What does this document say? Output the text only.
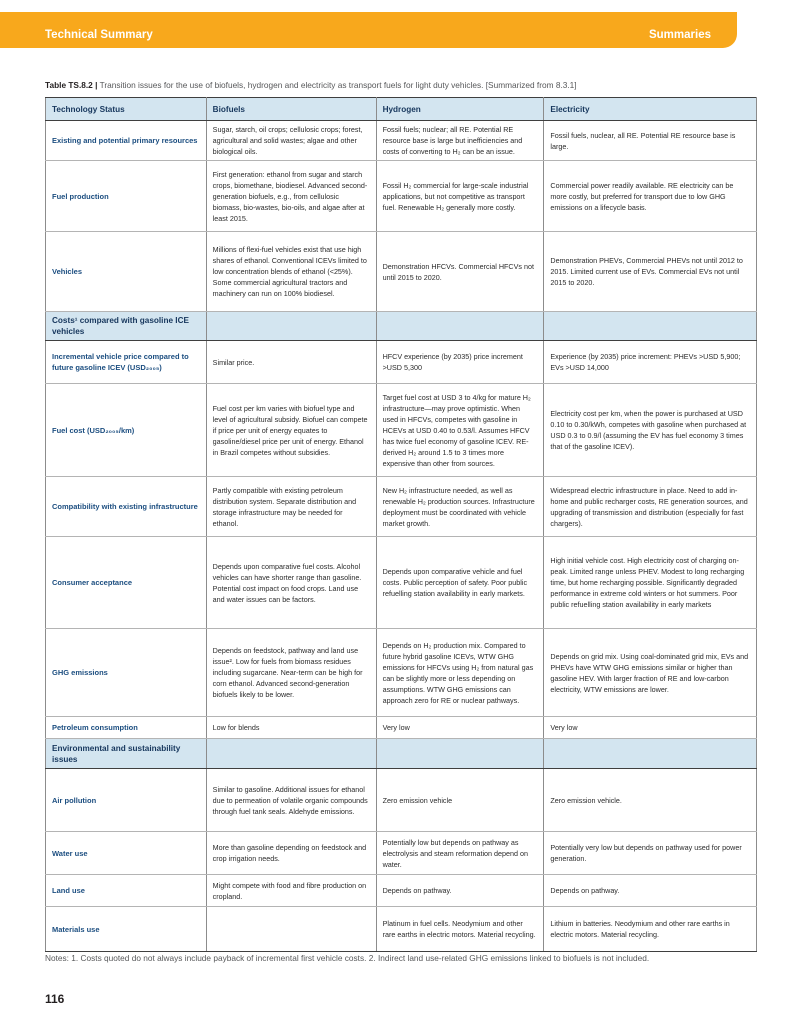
Technical Summary	Summaries
Table TS.8.2 | Transition issues for the use of biofuels, hydrogen and electricity as transport fuels for light duty vehicles. [Summarized from 8.3.1]
Technology Status	Biofuels	Hydrogen	Electricity
Existing and potential primary resources	Sugar, starch, oil crops; cellulosic crops; forest, agricultural and solid wastes; algae and other biological oils.	Fossil fuels; nuclear; all RE. Potential RE resource base is large but inefficiencies and costs of converting to H₂ can be an issue.	Fossil fuels, nuclear, all RE. Potential RE resource base is large.
Fuel production	First generation: ethanol from sugar and starch crops, biomethane, biodiesel. Advanced second-generation biofuels, e.g., from cellulosic biomass, bio-wastes, bio-oils, and algae after at least 2015.	Fossil H₂ commercial for large-scale industrial applications, but not competitive as transport fuel. Renewable H₂ generally more costly.	Commercial power readily available. RE electricity can be more costly, but preferred for transport due to low GHG emissions on a lifecycle basis.
Vehicles	Millions of flexi-fuel vehicles exist that use high shares of ethanol. Conventional ICEVs limited to low concentration blends of ethanol (<25%). Some commercial agricultural tractors and machinery can run on 100% biodiesel.	Demonstration HFCVs. Commercial HFCVs not until 2015 to 2020.	Demonstration PHEVs, Commercial PHEVs not until 2012 to 2015. Limited current use of EVs. Commercial EVs not until 2015 to 2020.
Costs¹ compared with gasoline ICE vehicles			
Incremental vehicle price compared to future gasoline ICEV (USD₂₀₀₅)	Similar price.	HFCV experience (by 2035) price increment >USD 5,300	Experience (by 2035) price increment: PHEVs >USD 5,900; EVs >USD 14,000
Fuel cost (USD₂₀₀₅/km)	Fuel cost per km varies with biofuel type and level of agricultural subsidy. Biofuel can compete if price per unit of energy equates to gasoline/diesel price per unit of energy. Ethanol in Brazil competes without subsidies.	Target fuel cost at USD 3 to 4/kg for mature H₂ infrastructure—may prove optimistic. When used in HFCVs, competes with gasoline in HCEVs at USD 0.40 to 0.53/l. Assumes HFCV has twice fuel economy of gasoline ICEV. RE-derived H₂ around 1.5 to 3 times more expensive than other from sources.	Electricity cost per km, when the power is purchased at USD 0.10 to 0.30/kWh, competes with gasoline when purchased at USD 0.3 to 0.9/l (assuming the EV has fuel economy 3 times that of the gasoline ICEV).
Compatibility with existing infrastructure	Partly compatible with existing petroleum distribution system. Separate distribution and storage infrastructure may be needed for ethanol.	New H₂ infrastructure needed, as well as renewable H₂ production sources. Infrastructure deployment must be coordinated with vehicle market growth.	Widespread electric infrastructure in place. Need to add in-home and public recharger costs, RE generation sources, and upgrading of transmission and distribution (especially for fast chargers).
Consumer acceptance	Depends upon comparative fuel costs. Alcohol vehicles can have shorter range than gasoline. Potential cost impact on food crops. Land use and water issues can be factors.	Depends upon comparative vehicle and fuel costs. Public perception of safety. Poor public refuelling station availability in early markets.	High initial vehicle cost. High electricity cost of charging on-peak. Limited range unless PHEV. Modest to long recharging time, but home recharging possible. Significantly degraded performance in extreme cold winters or hot summers. Poor public refuelling station availability in early markets
GHG emissions	Depends on feedstock, pathway and land use issue². Low for fuels from biomass residues including sugarcane. Near-term can be high for corn ethanol. Advanced second-generation biofuels likely to be lower.	Depends on H₂ production mix. Compared to future hybrid gasoline ICEVs, WTW GHG emissions for HFCVs using H₂ from natural gas can be slightly more or less depending on assumptions. WTW GHG emissions can approach zero for RE or nuclear pathways.	Depends on grid mix. Using coal-dominated grid mix, EVs and PHEVs have WTW GHG emissions similar or higher than gasoline HEV. With larger fraction of RE and low-carbon electricity, WTW emissions are lower.
Petroleum consumption	Low for blends	Very low	Very low
Environmental and sustainability issues			
Air pollution	Similar to gasoline. Additional issues for ethanol due to permeation of volatile organic compounds through fuel tank seals. Aldehyde emissions.	Zero emission vehicle	Zero emission vehicle.
Water use	More than gasoline depending on feedstock and crop irrigation needs.	Potentially low but depends on pathway as electrolysis and steam reformation depend on water.	Potentially very low but depends on pathway used for power generation.
Land use	Might compete with food and fibre production on cropland.	Depends on pathway.	Depends on pathway.
Materials use		Platinum in fuel cells. Neodymium and other rare earths in electric motors. Material recycling.	Lithium in batteries. Neodymium and other rare earths in electric motors. Material recycling.
Notes: 1. Costs quoted do not always include payback of incremental first vehicle costs. 2. Indirect land use-related GHG emissions linked to biofuels is not included.
116
